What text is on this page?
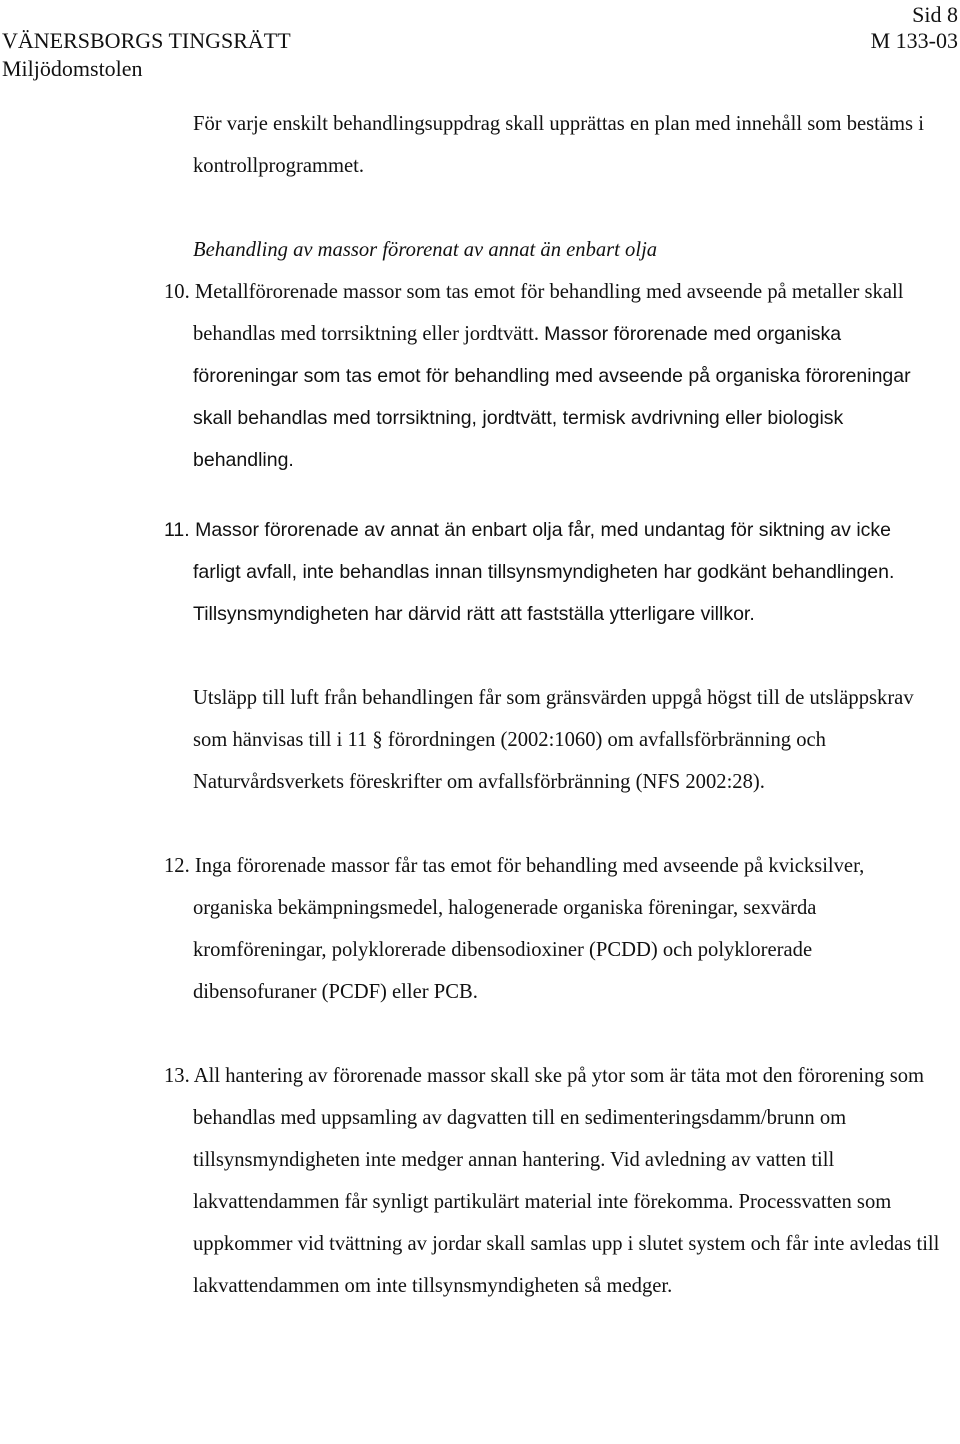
Sid 8
VÄNERSBORGS TINGSRÄTT	M 133-03
Miljödomstolen

För varje enskilt behandlingsuppdrag skall upprättas en plan med innehåll som bestäms i kontrollprogrammet.

Behandling av massor förorenat av annat än enbart olja

10. Metallförorenade massor som tas emot för behandling med avseende på metaller skall behandlas med torrsiktning eller jordtvätt. Massor förorenade med organiska föroreningar som tas emot för behandling med avseende på organiska föroreningar skall behandlas med torrsiktning, jordtvätt, termisk avdrivning eller biologisk behandling.

11. Massor förorenade av annat än enbart olja får, med undantag för siktning av icke farligt avfall, inte behandlas innan tillsynsmyndigheten har godkänt behandlingen. Tillsynsmyndigheten har därvid rätt att fastställa ytterligare villkor.

Utsläpp till luft från behandlingen får som gränsvärden uppgå högst till de utsläppskrav som hänvisas till i 11 § förordningen (2002:1060) om avfallsförbränning och Naturvårdsverkets föreskrifter om avfallsförbränning (NFS 2002:28).

12. Inga förorenade massor får tas emot för behandling med avseende på kvicksilver, organiska bekämpningsmedel, halogenerade organiska föreningar, sexvärda kromföreningar, polyklorerade dibensodioxiner (PCDD) och polyklorerade dibensofuraner (PCDF) eller PCB.

13. All hantering av förorenade massor skall ske på ytor som är täta mot den förorening som behandlas med uppsamling av dagvatten till en sedimenteringsdamm/brunn om tillsynsmyndigheten inte medger annan hantering. Vid avledning av vatten till lakvattendammen får synligt partikulärt material inte förekomma. Processvatten som uppkommer vid tvättning av jordar skall samlas upp i slutet system och får inte avledas till lakvattendammen om inte tillsynsmyndigheten så medger.
